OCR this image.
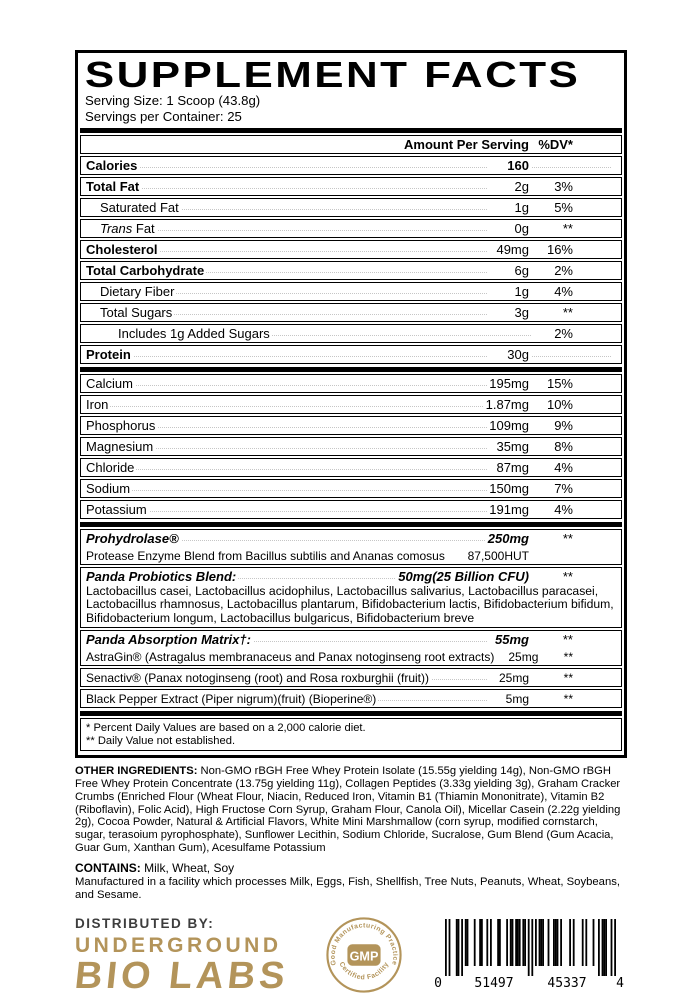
SUPPLEMENT FACTS
Serving Size: 1 Scoop (43.8g)
Servings per Container: 25
Amount Per Serving %DV*
Calories	160
Total Fat	2g	3%
Saturated Fat	1g	5%
Trans Fat	0g	**
Cholesterol	49mg	16%
Total Carbohydrate	6g	2%
Dietary Fiber	1g	4%
Total Sugars	3g	**
Includes 1g Added Sugars	2%
Protein	30g
Calcium	195mg	15%
Iron	1.87mg	10%
Phosphorus	109mg	9%
Magnesium	35mg	8%
Chloride	87mg	4%
Sodium	150mg	7%
Potassium	191mg	4%
Prohydrolase®	250mg	**
Protease Enzyme Blend from Bacillus subtilis and Ananas comosus 87,500HUT
Panda Probiotics Blend:	50mg(25 Billion CFU)	**
Lactobacillus casei, Lactobacillus acidophilus, Lactobacillus salivarius, Lactobacillus paracasei, Lactobacillus rhamnosus, Lactobacillus plantarum, Bifidobacterium lactis, Bifidobacterium bifidum, Bifidobacterium longum, Lactobacillus bulgaricus, Bifidobacterium breve
Panda Absorption Matrix†:	55mg	**
AstraGin® (Astragalus membranaceus and Panax notoginseng root extracts)	25mg	**
Senactiv® (Panax notoginseng (root) and Rosa roxburghii (fruit))	25mg	**
Black Pepper Extract (Piper nigrum)(fruit) (Bioperine®)	5mg	**
* Percent Daily Values are based on a 2,000 calorie diet.
** Daily Value not established.
OTHER INGREDIENTS: Non-GMO rBGH Free Whey Protein Isolate (15.55g yielding 14g), Non-GMO rBGH Free Whey Protein Concentrate (13.75g yielding 11g), Collagen Peptides (3.33g yielding 3g), Graham Cracker Crumbs (Enriched Flour (Wheat Flour, Niacin, Reduced Iron, Vitamin B1 (Thiamin Mononitrate), Vitamin B2 (Riboflavin), Folic Acid), High Fructose Corn Syrup, Graham Flour, Canola Oil), Micellar Casein (2.22g yielding 2g), Cocoa Powder, Natural & Artificial Flavors, White Mini Marshmallow (corn syrup, modified cornstarch, sugar, terasoium pyrophosphate), Sunflower Lecithin, Sodium Chloride, Sucralose, Gum Blend (Gum Acacia, Guar Gum, Xanthan Gum), Acesulfame Potassium
CONTAINS: Milk, Wheat, Soy
Manufactured in a facility which processes Milk, Eggs, Fish, Shellfish, Tree Nuts, Peanuts, Wheat, Soybeans, and Sesame.
DISTRIBUTED BY:
UNDERGROUND
BIO LABS	Good Manufacturing Practice
Certified Facility
GMP
0 51497	45337 4
